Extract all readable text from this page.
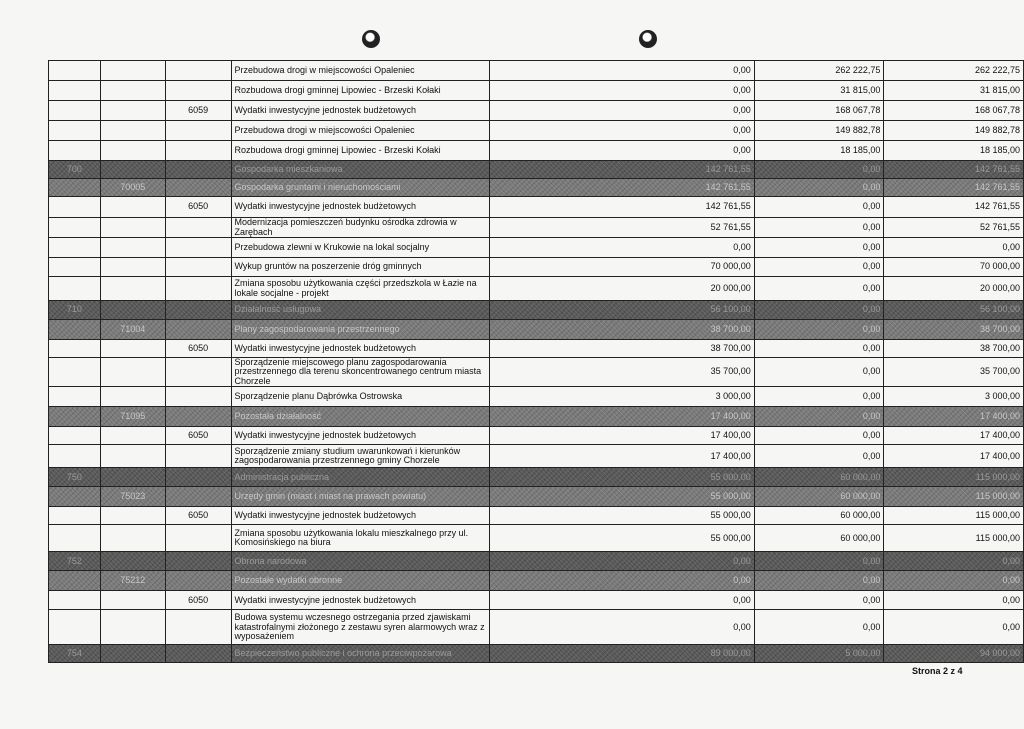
			Przebudowa drogi w miejscowości Opaleniec	0,00	262 222,75	262 222,75
			Rozbudowa drogi gminnej Lipowiec - Brzeski Kołaki	0,00	31 815,00	31 815,00
		6059	Wydatki inwestycyjne jednostek budżetowych	0,00	168 067,78	168 067,78
			Przebudowa drogi w miejscowości Opaleniec	0,00	149 882,78	149 882,78
			Rozbudowa drogi gminnej Lipowiec - Brzeski Kołaki	0,00	18 185,00	18 185,00
700			Gospodarka mieszkaniowa	142 761,55	0,00	142 761,55
	70005		Gospodarka gruntami i nieruchomościami	142 761,55	0,00	142 761,55
		6050	Wydatki inwestycyjne jednostek budżetowych	142 761,55	0,00	142 761,55
			Modernizacja pomieszczeń budynku ośrodka zdrowia w Zarębach	52 761,55	0,00	52 761,55
			Przebudowa zlewni w Krukowie na lokal socjalny	0,00	0,00	0,00
			Wykup gruntów na poszerzenie dróg gminnych	70 000,00	0,00	70 000,00
			Zmiana sposobu użytkowania części przedszkola w Łazie na lokale socjalne - projekt	20 000,00	0,00	20 000,00
710			Działalność usługowa	56 100,00	0,00	56 100,00
	71004		Plany zagospodarowania przestrzennego	38 700,00	0,00	38 700,00
		6050	Wydatki inwestycyjne jednostek budżetowych	38 700,00	0,00	38 700,00
			Sporządzenie miejscowego planu zagospodarowania przestrzennego dla terenu skoncentrowanego centrum miasta Chorzele	35 700,00	0,00	35 700,00
			Sporządzenie planu Dąbrówka Ostrowska	3 000,00	0,00	3 000,00
	71095		Pozostała działalność	17 400,00	0,00	17 400,00
		6050	Wydatki inwestycyjne jednostek budżetowych	17 400,00	0,00	17 400,00
			Sporządzenie zmiany studium uwarunkowań i kierunków zagospodarowania przestrzennego gminy Chorzele	17 400,00	0,00	17 400,00
750			Administracja publiczna	55 000,00	60 000,00	115 000,00
	75023		Urzędy gmin (miast i miast na prawach powiatu)	55 000,00	60 000,00	115 000,00
		6050	Wydatki inwestycyjne jednostek budżetowych	55 000,00	60 000,00	115 000,00
			Zmiana sposobu użytkowania lokalu mieszkalnego przy ul. Komosińskiego na biura	55 000,00	60 000,00	115 000,00
752			Obrona narodowa	0,00	0,00	0,00
	75212		Pozostałe wydatki obronne	0,00	0,00	0,00
		6050	Wydatki inwestycyjne jednostek budżetowych	0,00	0,00	0,00
			Budowa systemu wczesnego ostrzegania przed zjawiskami katastrofalnymi złożonego z zestawu syren alarmowych wraz z wyposażeniem	0,00	0,00	0,00
754			Bezpieczeństwo publiczne i ochrona przeciwpożarowa	89 000,00	5 000,00	94 000,00
Strona 2 z 4
